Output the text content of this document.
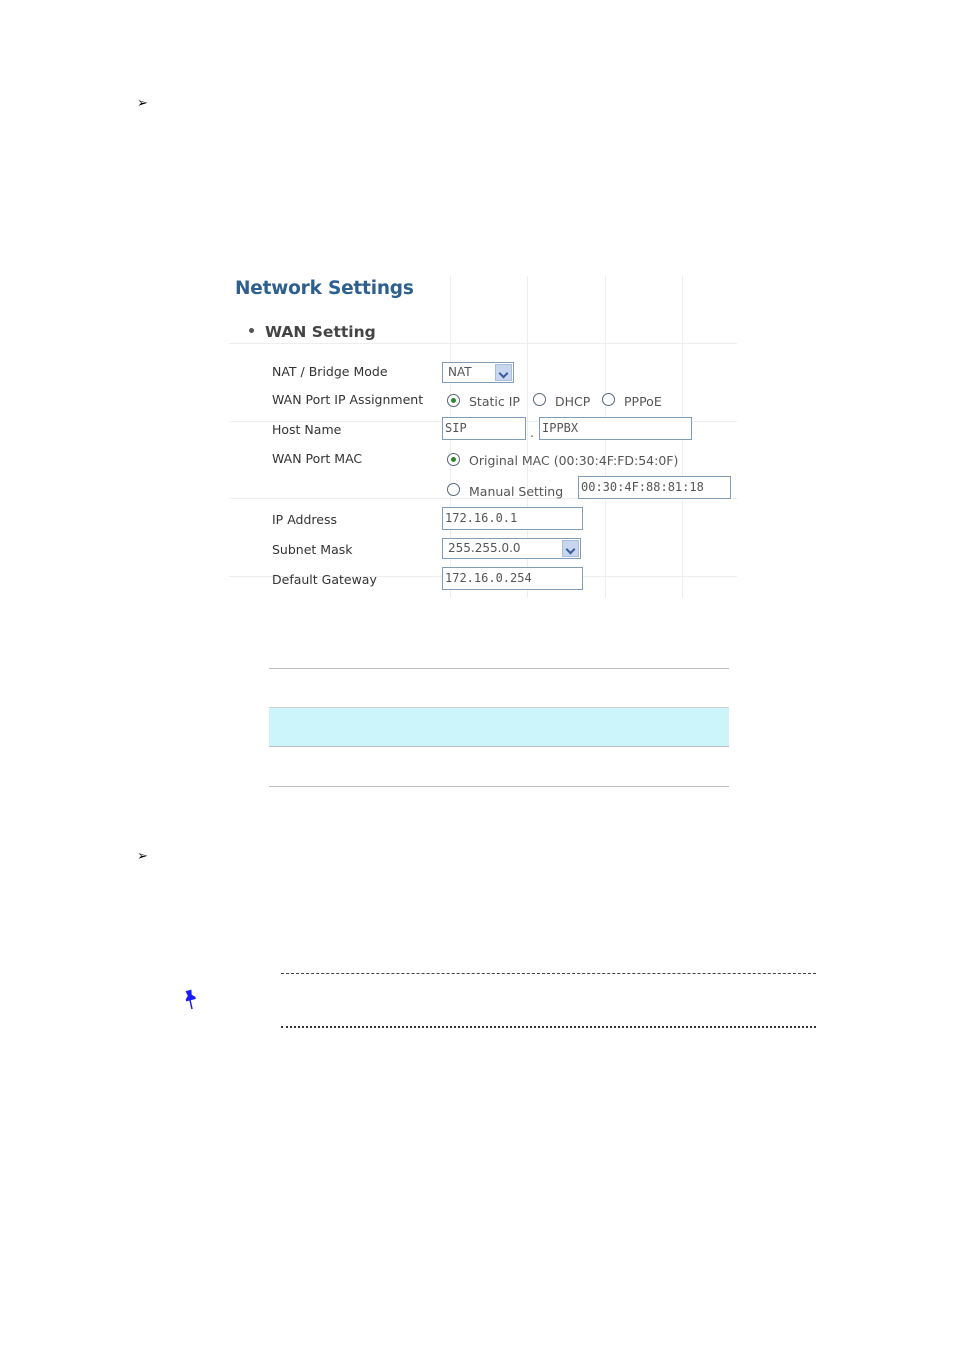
➢
➢
Network Settings
WAN Setting
NAT / Bridge Mode	NAT
WAN Port IP Assignment	Static IP	DHCP	PPPoE
Host Name	SIP	. IPPBX
WAN Port MAC	Original MAC (00:30:4F:FD:54:0F)
Manual Setting 00:30:4F:88:81:18
IP Address	172.16.0.1
Subnet Mask	255.255.0.0
Default Gateway	172.16.0.254
